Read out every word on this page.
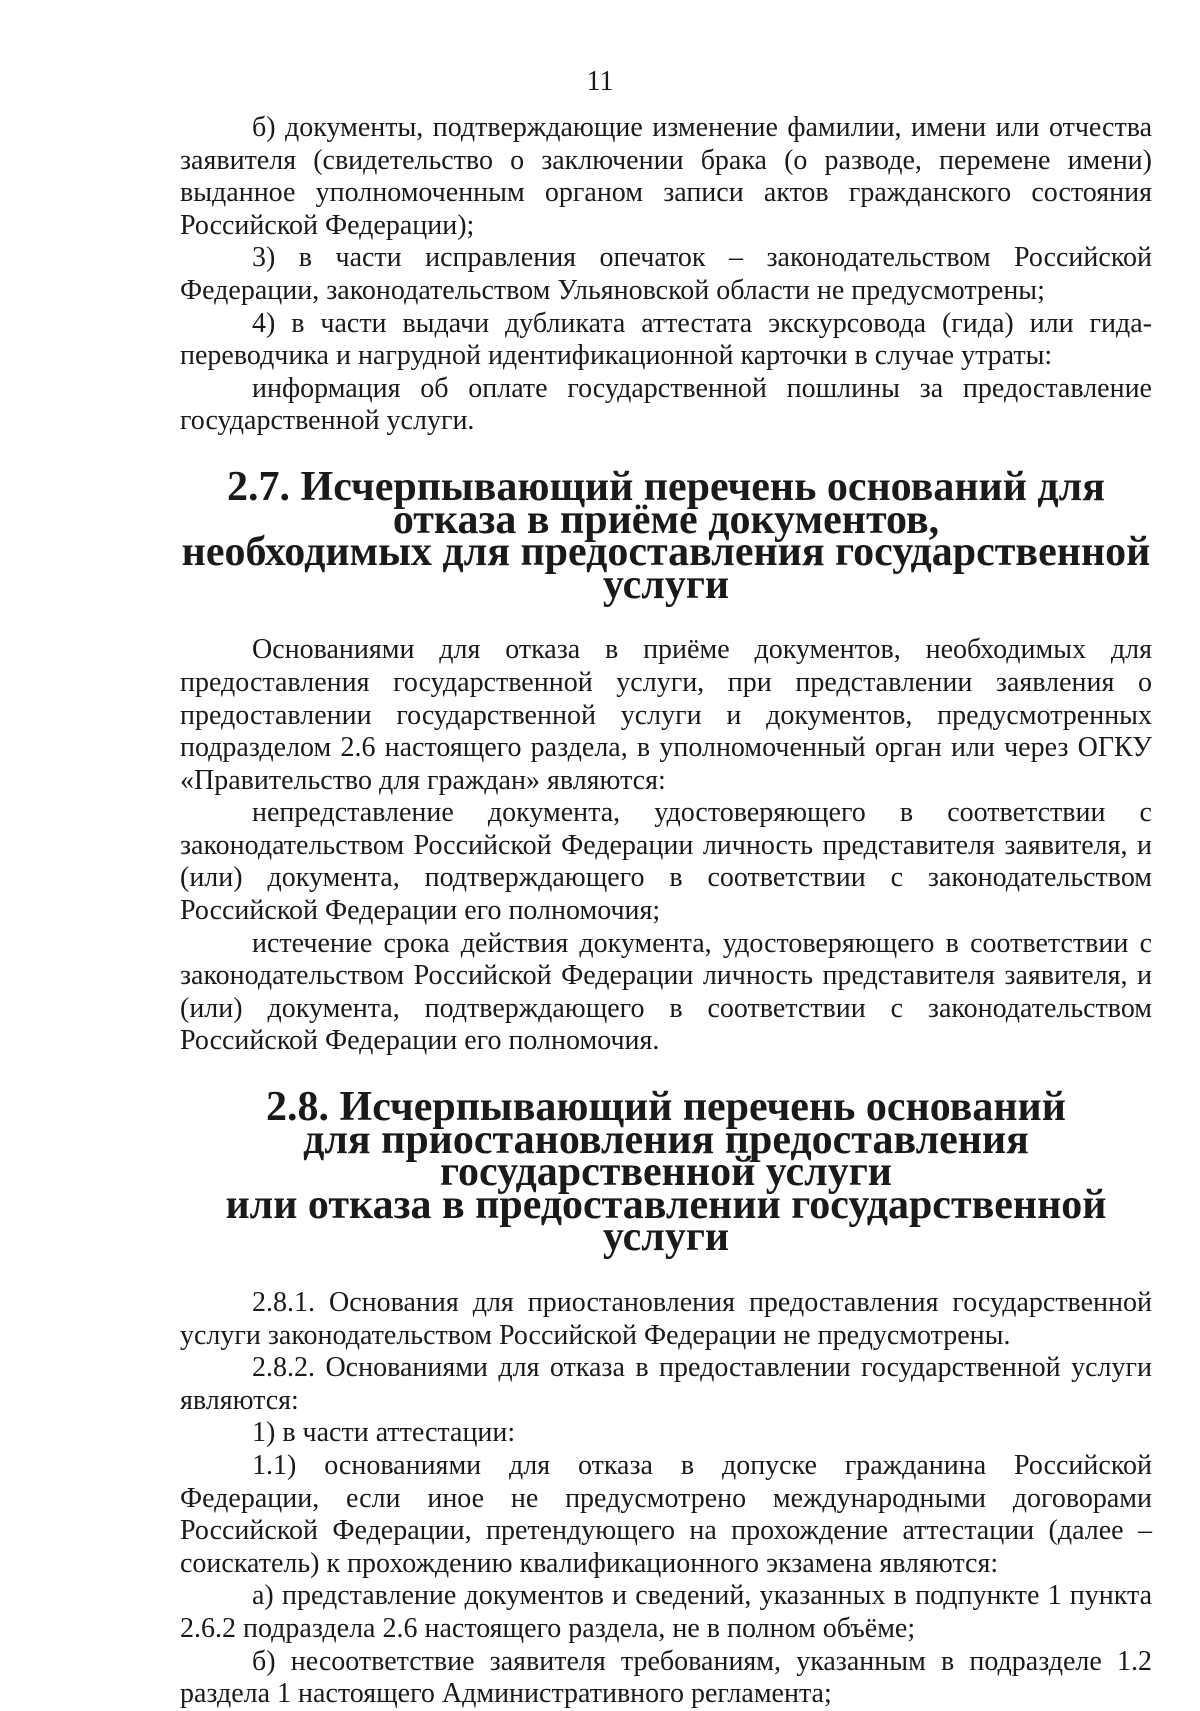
11

б) документы, подтверждающие изменение фамилии, имени или отчества заявителя (свидетельство о заключении брака (о разводе, перемене имени) выданное уполномоченным органом записи актов гражданского состояния Российской Федерации);

3) в части исправления опечаток – законодательством Российской Федерации, законодательством Ульяновской области не предусмотрены;

4) в части выдачи дубликата аттестата экскурсовода (гида) или гида-переводчика и нагрудной идентификационной карточки в случае утраты:

информация об оплате государственной пошлины за предоставление государственной услуги.

2.7. Исчерпывающий перечень оснований для отказа в приёме документов,
необходимых для предоставления государственной услуги

Основаниями для отказа в приёме документов, необходимых для предоставления государственной услуги, при представлении заявления о предоставлении государственной услуги и документов, предусмотренных подразделом 2.6 настоящего раздела, в уполномоченный орган или через ОГКУ «Правительство для граждан» являются:

непредставление документа, удостоверяющего в соответствии с законодательством Российской Федерации личность представителя заявителя, и (или) документа, подтверждающего в соответствии с законодательством Российской Федерации его полномочия;

истечение срока действия документа, удостоверяющего в соответствии с законодательством Российской Федерации личность представителя заявителя, и (или) документа, подтверждающего в соответствии с законодательством Российской Федерации его полномочия.

2.8. Исчерпывающий перечень оснований
для приостановления предоставления государственной услуги
или отказа в предоставлении государственной услуги

2.8.1. Основания для приостановления предоставления государственной услуги законодательством Российской Федерации не предусмотрены.

2.8.2. Основаниями для отказа в предоставлении государственной услуги являются:

1) в части аттестации:

1.1) основаниями для отказа в допуске гражданина Российской Федерации, если иное не предусмотрено международными договорами Российской Федерации, претендующего на прохождение аттестации (далее – соискатель) к прохождению квалификационного экзамена являются:

а) представление документов и сведений, указанных в подпункте 1 пункта 2.6.2 подраздела 2.6 настоящего раздела, не в полном объёме;

б) несоответствие заявителя требованиям, указанным в подразделе 1.2 раздела 1 настоящего Административного регламента;
